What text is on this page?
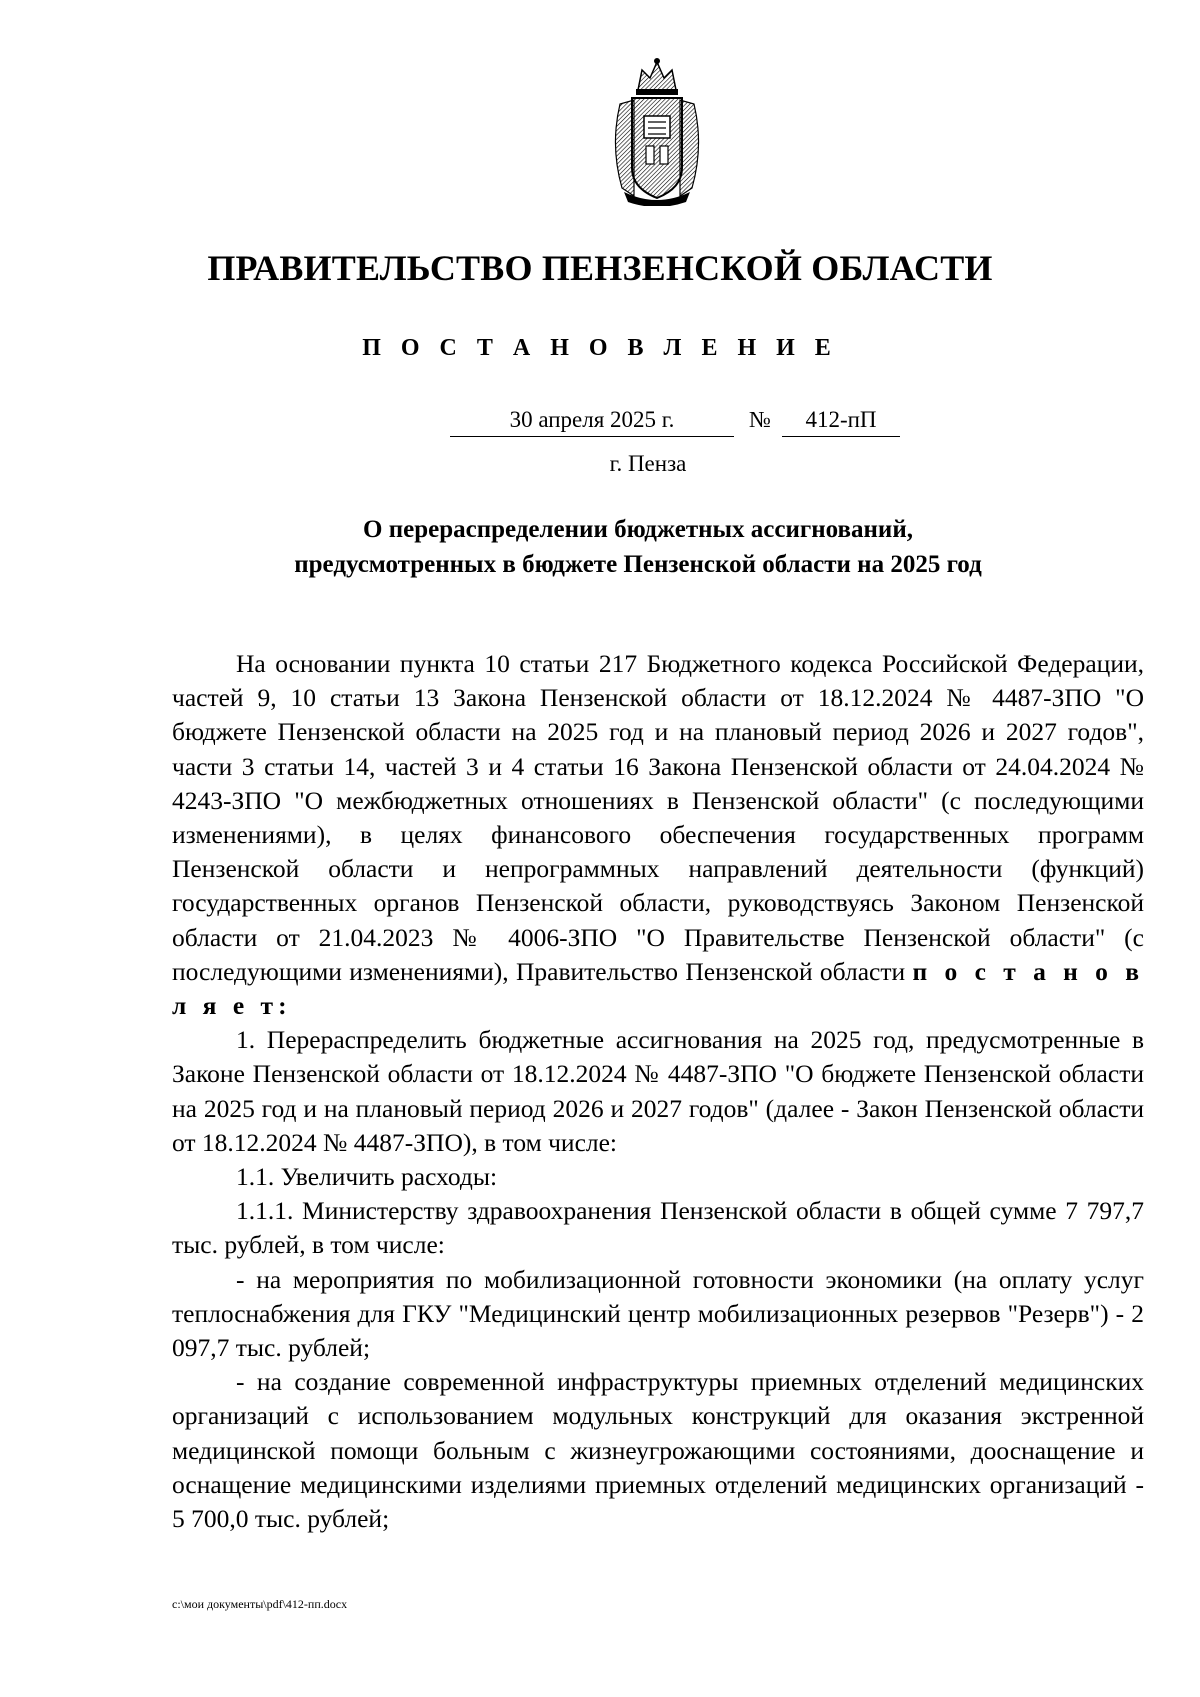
ПРАВИТЕЛЬСТВО ПЕНЗЕНСКОЙ ОБЛАСТИ
П О С Т А Н О В Л Е Н И Е
30 апреля 2025 г.	№	412-пП
г. Пенза
О перераспределении бюджетных ассигнований,
предусмотренных в бюджете Пензенской области на 2025 год

На основании пункта 10 статьи 217 Бюджетного кодекса Российской Федерации, частей 9, 10 статьи 13 Закона Пензенской области от 18.12.2024 № 4487-ЗПО "О бюджете Пензенской области на 2025 год и на плановый период 2026 и 2027 годов", части 3 статьи 14, частей 3 и 4 статьи 16 Закона Пензенской области от 24.04.2024 № 4243-ЗПО "О межбюджетных отношениях в Пензенской области" (с последующими изменениями), в целях финансового обеспечения государственных программ Пензенской области и непрограммных направлений деятельности (функций) государственных органов Пензенской области, руководствуясь Законом Пензенской области от 21.04.2023 № 4006-ЗПО "О Правительстве Пензенской области" (с последующими изменениями), Правительство Пензенской области п о с т а н о в л я е т:

1. Перераспределить бюджетные ассигнования на 2025 год, предусмотренные в Законе Пензенской области от 18.12.2024 № 4487-ЗПО "О бюджете Пензенской области на 2025 год и на плановый период 2026 и 2027 годов" (далее - Закон Пензенской области от 18.12.2024 № 4487-ЗПО), в том числе:

1.1. Увеличить расходы:

1.1.1. Министерству здравоохранения Пензенской области в общей сумме 7 797,7 тыс. рублей, в том числе:

- на мероприятия по мобилизационной готовности экономики (на оплату услуг теплоснабжения для ГКУ "Медицинский центр мобилизационных резервов "Резерв") - 2 097,7 тыс. рублей;

- на создание современной инфраструктуры приемных отделений медицинских организаций с использованием модульных конструкций для оказания экстренной медицинской помощи больным с жизнеугрожающими состояниями, дооснащение и оснащение медицинскими изделиями приемных отделений медицинских организаций - 5 700,0 тыс. рублей;

c:\мои документы\pdf\412-пп.docx
